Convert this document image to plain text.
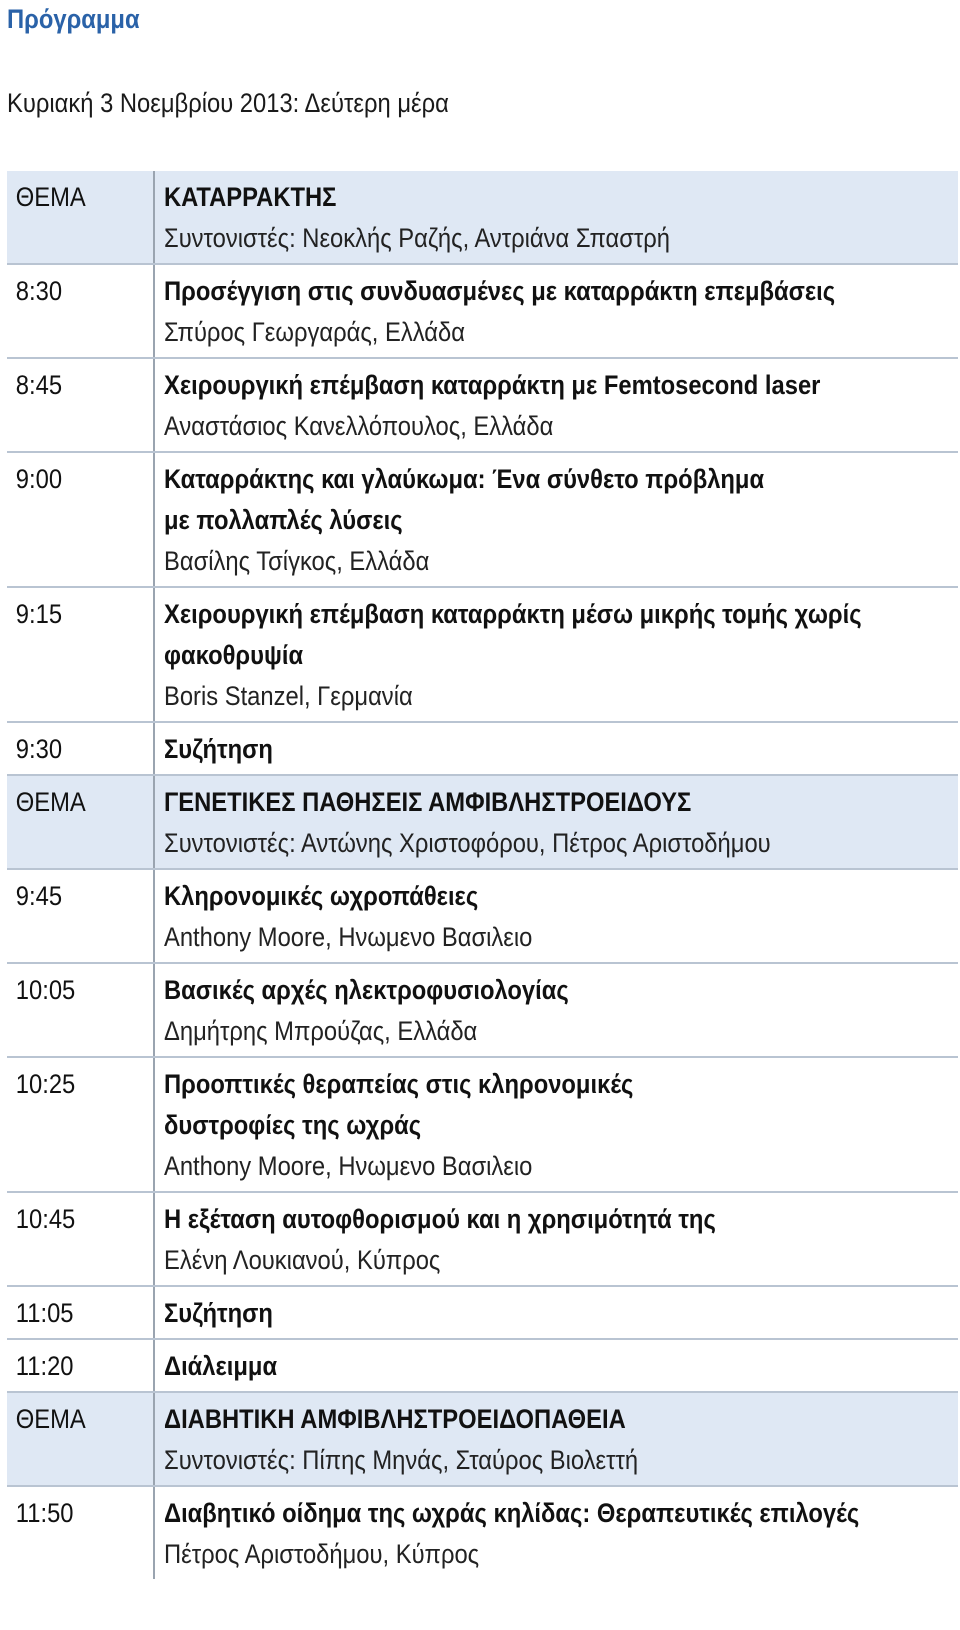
Πρόγραμμα
Κυριακή 3 Νοεμβρίου 2013: Δεύτερη μέρα
ΘΕΜΑ	ΚΑΤΑΡΡΑΚΤΗΣ
Συντονιστές: Νεοκλής Ραζής, Αντριάνα Σπαστρή
8:30	Προσέγγιση στις συνδυασμένες με καταρράκτη επεμβάσεις
Σπύρος Γεωργαράς, Ελλάδα
8:45	Χειρουργική επέμβαση καταρράκτη με Femtosecond laser
Αναστάσιος Κανελλόπουλος, Ελλάδα
9:00	Καταρράκτης και γλαύκωμα: Ένα σύνθετο πρόβλημα
με πολλαπλές λύσεις
Βασίλης Τσίγκος, Ελλάδα
9:15	Χειρουργική επέμβαση καταρράκτη μέσω μικρής τομής χωρίς
φακοθρυψία
Boris Stanzel, Γερμανία
9:30	Συζήτηση
ΘΕΜΑ	ΓΕΝΕΤΙΚΕΣ ΠΑΘΗΣΕΙΣ ΑΜΦΙΒΛΗΣΤΡΟΕΙΔΟΥΣ
Συντονιστές: Αντώνης Χριστοφόρου, Πέτρος Αριστοδήμου
9:45	Κληρονομικές ωχροπάθειες
Anthony Moore, Ηνωμενο Βασιλειο
10:05	Βασικές αρχές ηλεκτροφυσιολογίας
Δημήτρης Μπρούζας, Ελλάδα
10:25	Προοπτικές θεραπείας στις κληρονομικές
δυστροφίες της ωχράς
Anthony Moore, Ηνωμενο Βασιλειο
10:45	Η εξέταση αυτοφθορισμού και η χρησιμότητά της
Ελένη Λουκιανού, Κύπρος
11:05	Συζήτηση
11:20	Διάλειμμα
ΘΕΜΑ	ΔΙΑΒΗΤΙΚΗ ΑΜΦΙΒΛΗΣΤΡΟΕΙΔΟΠΑΘΕΙΑ
Συντονιστές: Πίπης Μηνάς, Σταύρος Βιολεττή
11:50	Διαβητικό οίδημα της ωχράς κηλίδας: Θεραπευτικές επιλογές
Πέτρος Αριστοδήμου, Κύπρος
